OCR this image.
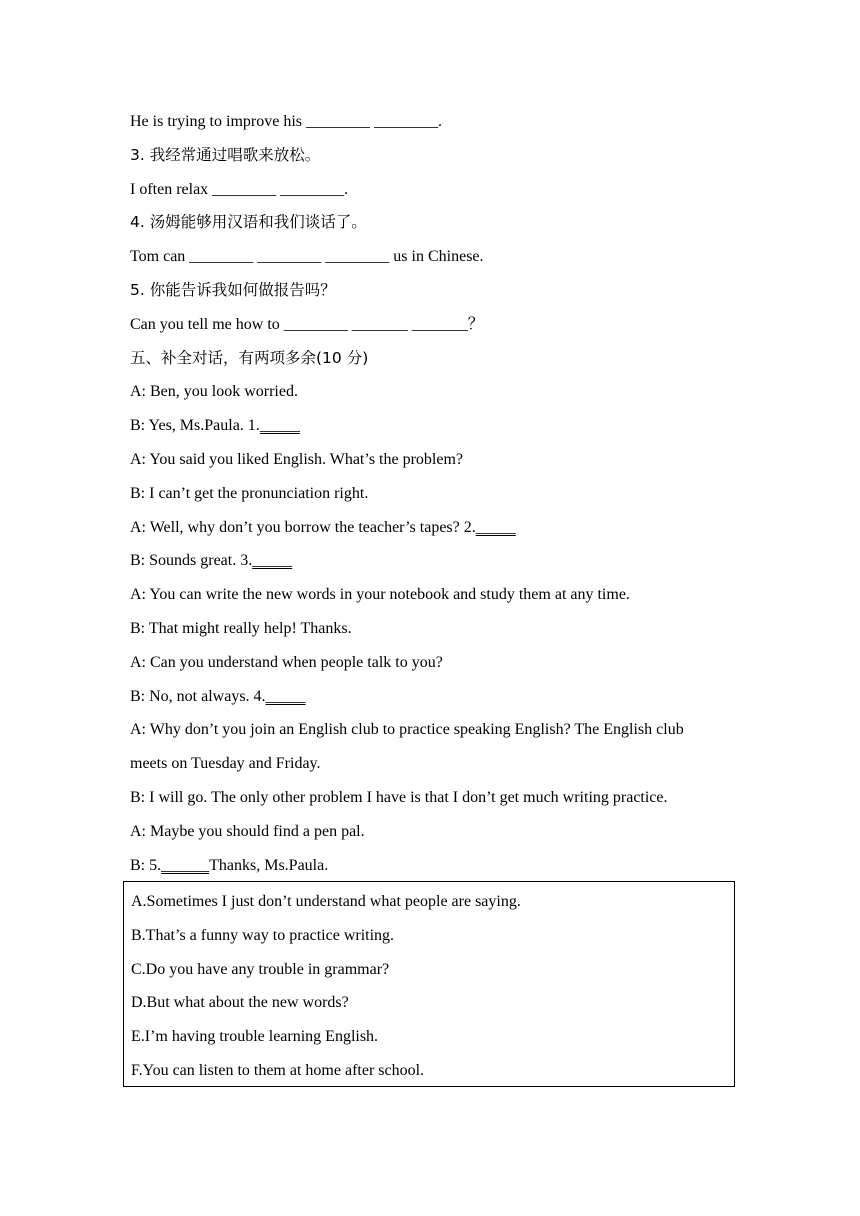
He is trying to improve his ________ ________.
3. 我经常通过唱歌来放松。
I often relax ________ ________.
4. 汤姆能够用汉语和我们谈话了。
Tom can ________ ________ ________ us in Chinese.
5. 你能告诉我如何做报告吗？
Can you tell me how to ________ _______ _______？
五、补全对话，有两项多余(10 分)
A: Ben, you look worried.
B: Yes, Ms.Paula. 1._____
A: You said you liked English. What’s the problem?
B: I can’t get the pronunciation right.
A: Well, why don’t you borrow the teacher’s tapes? 2._____
B: Sounds great. 3._____
A: You can write the new words in your notebook and study them at any time.
B: That might really help! Thanks.
A: Can you understand when people talk to you?
B: No, not always. 4._____
A: Why don’t you join an English club to practice speaking English? The English club
meets on Tuesday and Friday.
B: I will go. The only other problem I have is that I don’t get much writing practice.
A: Maybe you should find a pen pal.
B: 5.______Thanks, Ms.Paula.
A.Sometimes I just don’t understand what people are saying.
B.That’s a funny way to practice writing.
C.Do you have any trouble in grammar?
D.But what about the new words?
E.I’m having trouble learning English.
F.You can listen to them at home after school.
